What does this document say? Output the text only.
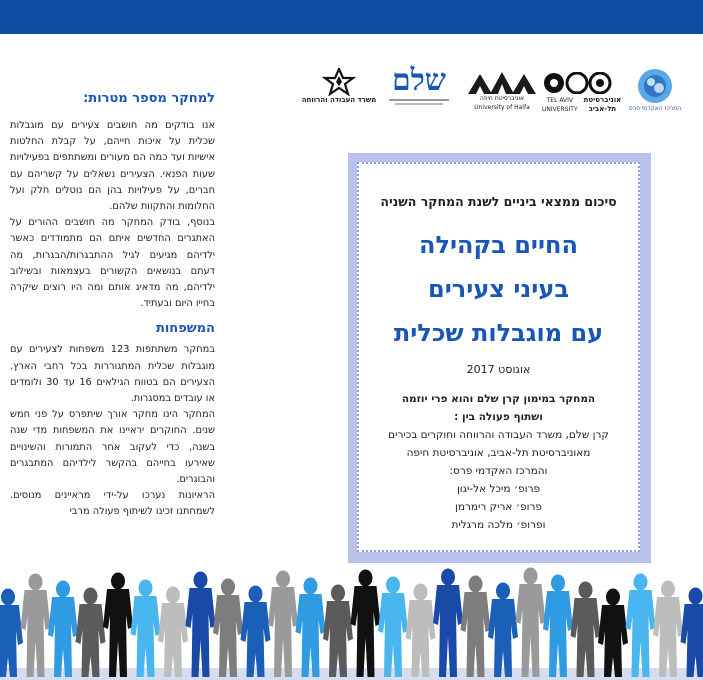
המרכז האקדמי פרס
TEL AVIV
UNIVERSITY
אוניברסיטת
תל-אביב
אוניברסיטת חיפה
University of Haifa
שלם
משרד העבודה והרווחה
למחקר מספר מטרות:

אנו בודקים מה חושבים צעירים עם מוגבלות שכלית על איכות חייהם, על קבלת החלטות אישיות ועד כמה הם מעורים ומשתתפים בפעילויות שעות הפנאי. הצעירים נשאלים על קשריהם עם חברים, על פעילויות בהן הם נוטלים חלק ועל החלומות והתקוות שלהם.

בנוסף, בודק המחקר מה חושבים ההורים על האתגרים החדשים איתם הם מתמודדים כאשר ילדיהם מגיעים לגיל ההתבגרות/הבגרות, מה דעתם בנושאים הקשורים בעצמאות ובשילוב ילדיהם, מה מדאיג אותם ומה היו רוצים שיקרה בחייו היום ובעתיד.

המשפחות

במחקר משתתפות 123 משפחות לצעירים עם מוגבלות שכלית המתגוררות בכל רחבי הארץ. הצעירים הם בטווח הגילאים 16 עד 30 ולומדים או עובדים במסגרות.

המחקר הינו מחקר אורך שיתפרס על פני חמש שנים. החוקרים יראיינו את המשפחות מדי שנה בשנה, כדי לעקוב אחר התמורות והשינויים שאירעו בחייהם בהקשר לילדיהם המתבגרים והבוגרים.

הראיונות נערכו על-ידי מראיינים מנוסים. לשמחתנו זכינו לשיתוף פעולה מרבי

סיכום ממצאי ביניים לשנת המחקר השניה
החיים בקהילה
בעיני צעירים
עם מוגבלות שכלית
אוגוסט 2017
המחקר במימון קרן שלם והוא פרי יוזמה
ושתוף פעולה בין :
קרן שלם, משרד העבודה והרווחה וחוקרים בכירים
מאוניברסיטת תל-אביב, אוניברסיטת חיפה
והמרכז האקדמי פרס:
פרופ׳ מיכל אל-יגון
פרופ׳ אריק רימרמן
ופרופ׳ מלכה מרגלית
